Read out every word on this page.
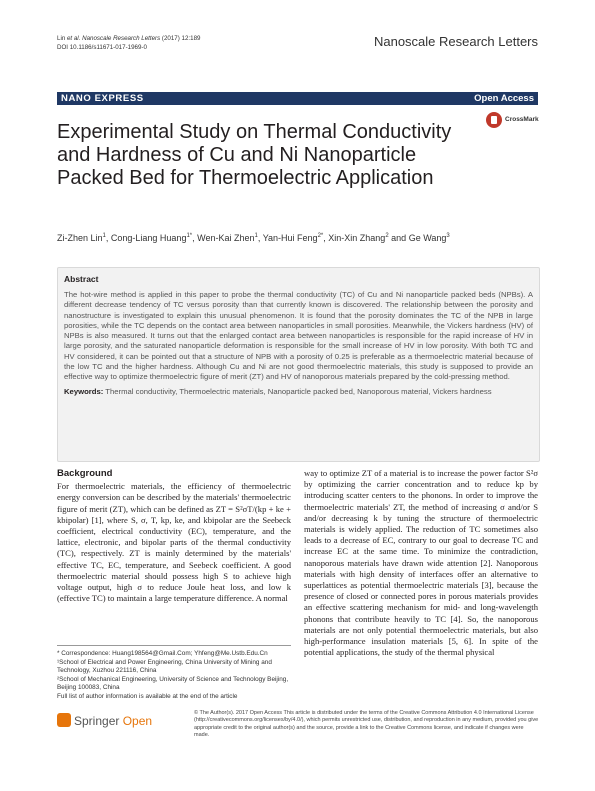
Lin et al. Nanoscale Research Letters (2017) 12:189
DOI 10.1186/s11671-017-1969-0	Nanoscale Research Letters
NANO EXPRESS	Open Access
Experimental Study on Thermal Conductivity and Hardness of Cu and Ni Nanoparticle Packed Bed for Thermoelectric Application
CrossMark
Zi-Zhen Lin$^1$, Cong-Liang Huang$^{1*}$, Wen-Kai Zhen$^1$, Yan-Hui Feng$^{2*}$, Xin-Xin Zhang$^2$ and Ge Wang$^3$
Abstract
The hot-wire method is applied in this paper to probe the thermal conductivity (TC) of Cu and Ni nanoparticle packed beds (NPBs). A different decrease tendency of TC versus porosity than that currently known is discovered. The relationship between the porosity and nanostructure is investigated to explain this unusual phenomenon. It is found that the porosity dominates the TC of the NPB in large porosities, while the TC depends on the contact area between nanoparticles in small porosities. Meanwhile, the Vickers hardness (HV) of NPBs is also measured. It turns out that the enlarged contact area between nanoparticles is responsible for the rapid increase of HV in large porosity, and the saturated nanoparticle deformation is responsible for the small increase of HV in low porosity. With both TC and HV considered, it can be pointed out that a structure of NPB with a porosity of 0.25 is preferable as a thermoelectric material because of the low TC and the higher hardness. Although Cu and Ni are not good thermoelectric materials, this study is supposed to provide an effective way to optimize thermoelectric figure of merit (ZT) and HV of nanoporous materials prepared by the cold-pressing method.
Keywords: Thermal conductivity, Thermoelectric materials, Nanoparticle packed bed, Nanoporous material, Vickers hardness
Background
For thermoelectric materials, the efficiency of thermoelectric energy conversion can be described by the materials' thermoelectric figure of merit (ZT), which can be defined as ZT = S²σT/(kp + ke + kbipolar) [1], where S, σ, T, kp, ke, and kbipolar are the Seebeck coefficient, electrical conductivity (EC), temperature, and the lattice, electronic, and bipolar parts of the thermal conductivity (TC), respectively. ZT is mainly determined by the materials' effective TC, EC, temperature, and Seebeck coefficient. A good thermoelectric material should possess high S to achieve high voltage output, high σ to reduce Joule heat loss, and low k (effective TC) to maintain a large temperature difference. A normal
way to optimize ZT of a material is to increase the power factor S²σ by optimizing the carrier concentration and to reduce kp by introducing scatter centers to the phonons. In order to improve the thermoelectric materials' ZT, the method of increasing σ and/or S and/or decreasing k by tuning the structure of thermoelectric materials is widely applied. The reduction of TC sometimes also leads to a decrease of EC, contrary to our goal to decrease TC and increase EC at the same time. To minimize the contradiction, nanoporous materials have drawn wide attention [2]. Nanoporous materials with high density of interfaces offer an alternative to superlattices as potential thermoelectric materials [3], because the presence of closed or connected pores in porous materials provides an effective scattering mechanism for mid- and long-wavelength phonons that contribute heavily to TC [4]. So, the nanoporous materials are not only potential thermoelectric materials, but also high-performance insulation materials [5, 6]. In spite of the potential applications, the study of the thermal physical
* Correspondence: Huang198564@Gmail.Com; Yhfeng@Me.Ustb.Edu.Cn
¹School of Electrical and Power Engineering, China University of Mining and Technology, Xuzhou 221116, China
²School of Mechanical Engineering, University of Science and Technology Beijing, Beijing 100083, China
Full list of author information is available at the end of the article
Springer Open
© The Author(s). 2017 Open Access This article is distributed under the terms of the Creative Commons Attribution 4.0 International License (http://creativecommons.org/licenses/by/4.0/), which permits unrestricted use, distribution, and reproduction in any medium, provided you give appropriate credit to the original author(s) and the source, provide a link to the Creative Commons license, and indicate if changes were made.
